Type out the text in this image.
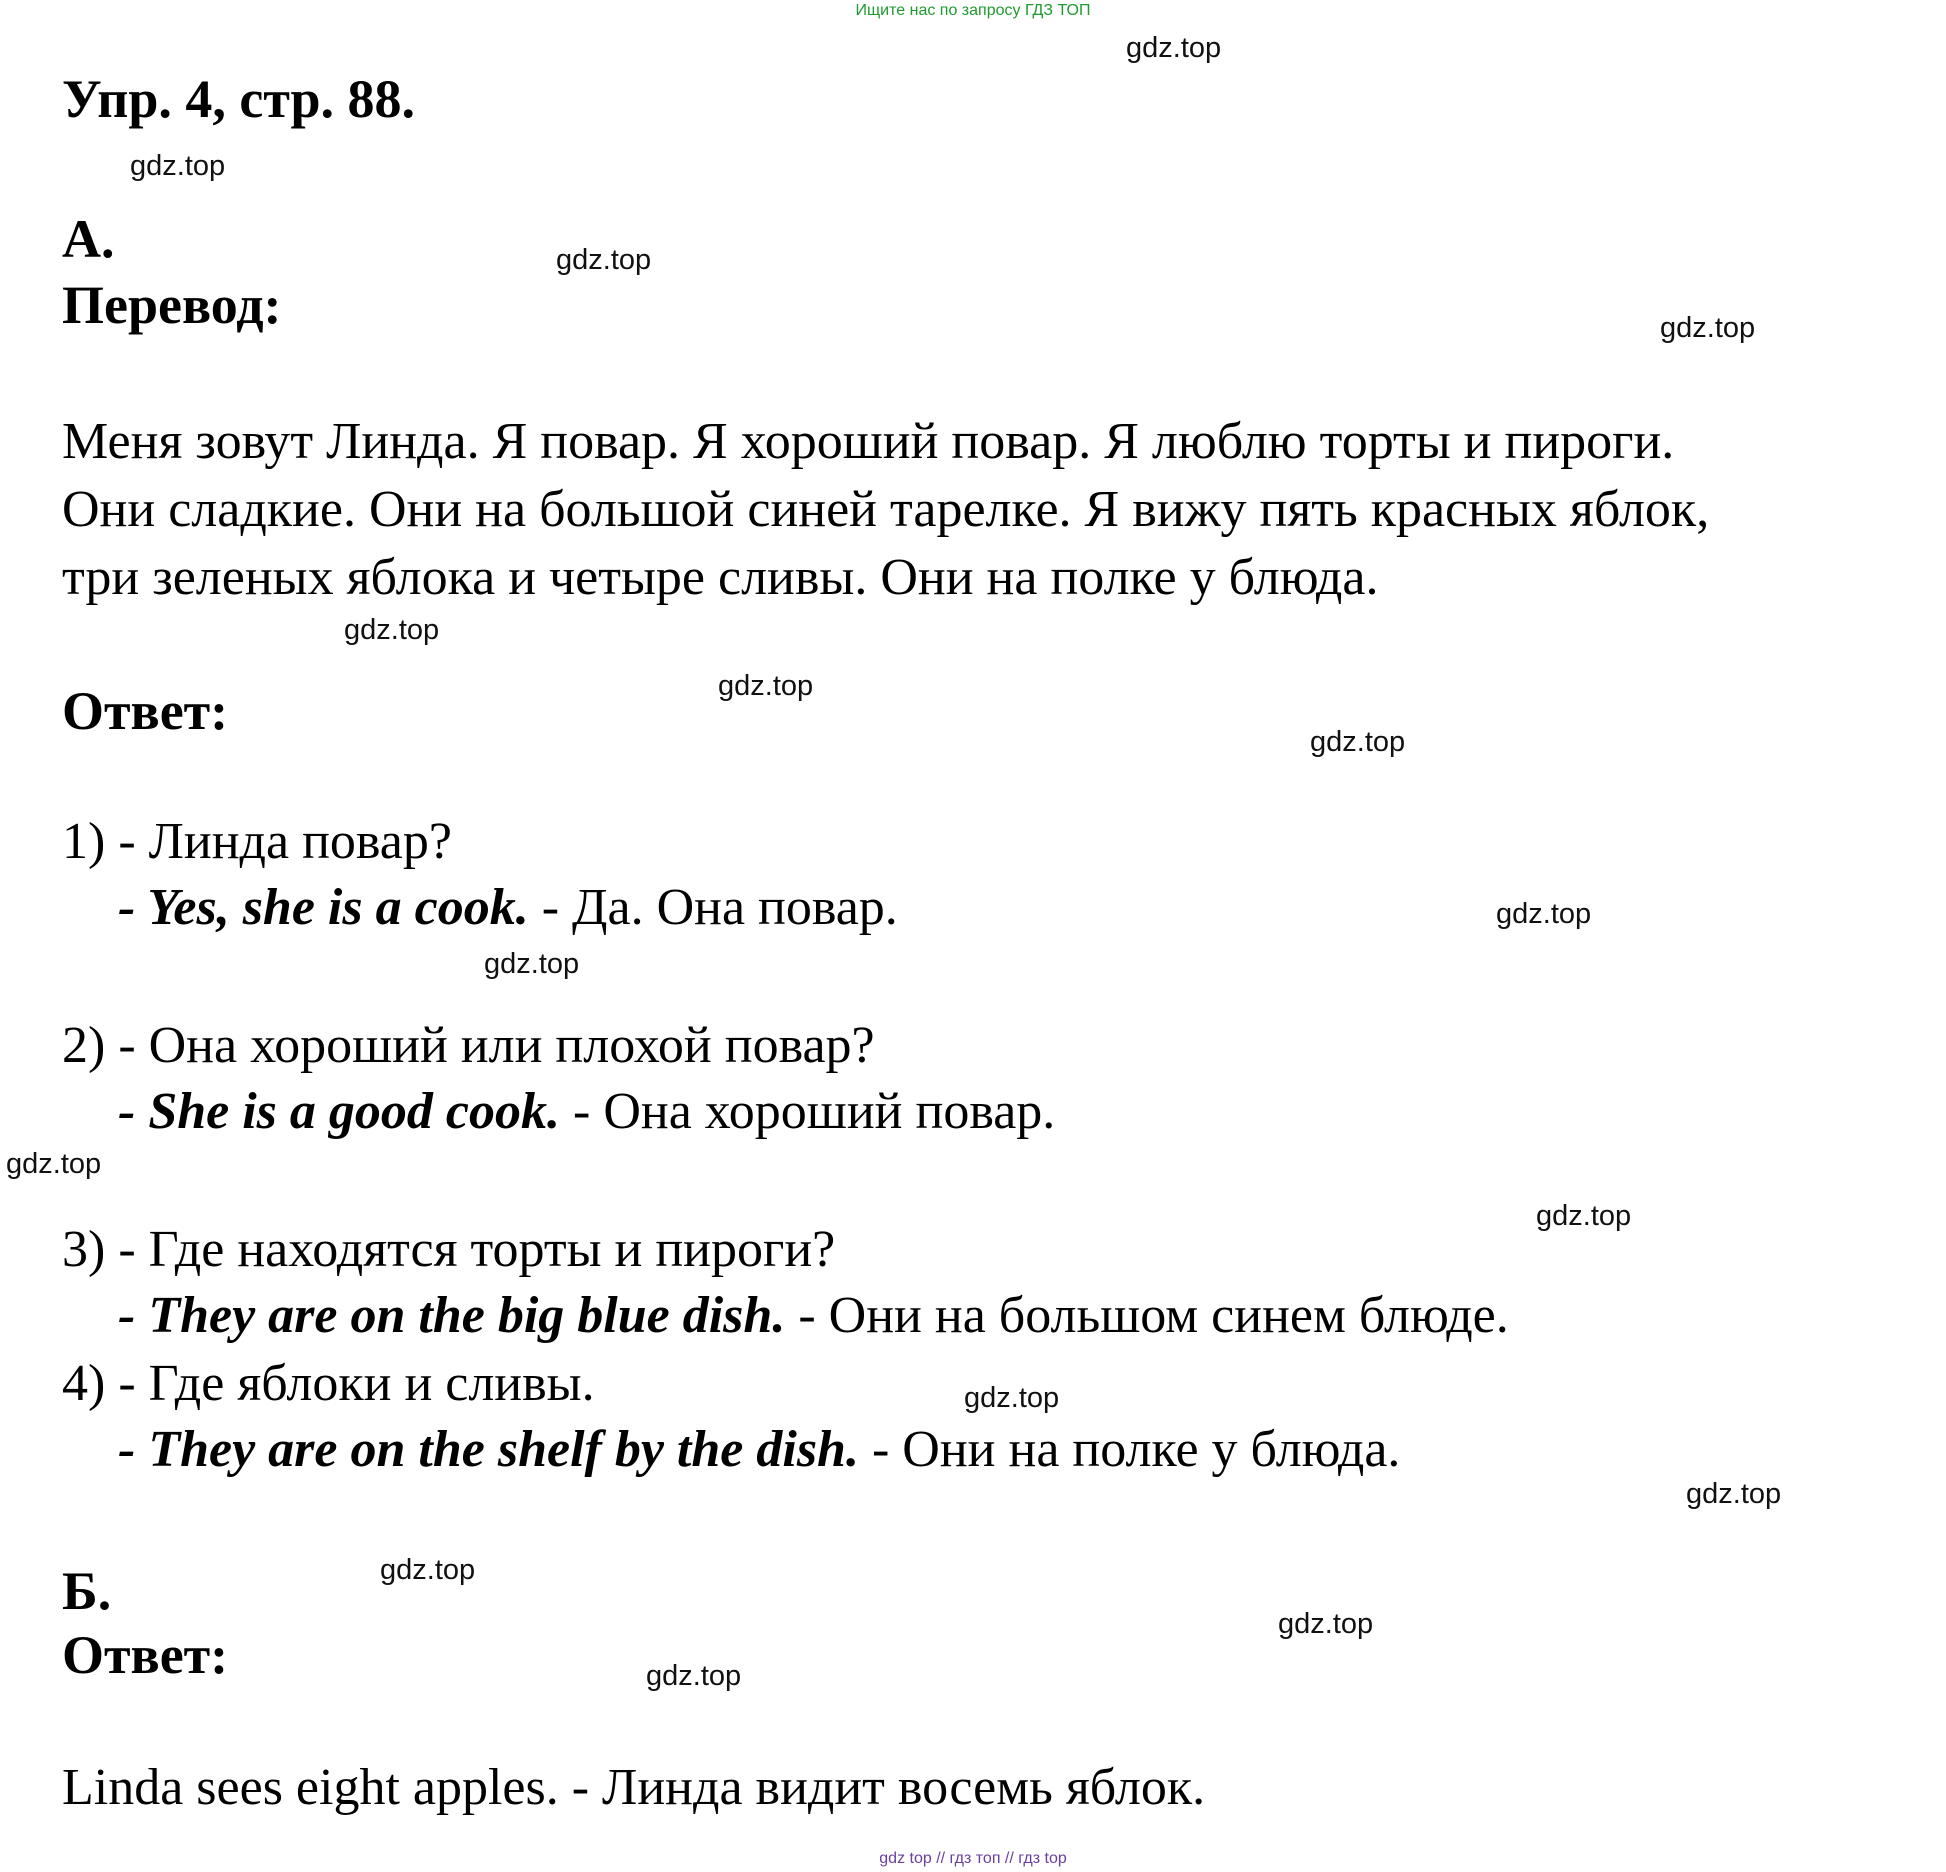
Ищите нас по запросу ГДЗ ТОП
Упр. 4, стр. 88.
А.
Перевод:
Меня зовут Линда. Я повар. Я хороший повар. Я люблю торты и пироги.
Они сладкие. Они на большой синей тарелке. Я вижу пять красных яблок,
три зеленых яблока и четыре сливы. Они на полке у блюда.
Ответ:
1) - Линда повар?
- Yes, she is a cook. - Да. Она повар.
2) - Она хороший или плохой повар?
- She is a good cook. - Она хороший повар.
3) - Где находятся торты и пироги?
- They are on the big blue dish. - Они на большом синем блюде.
4) - Где яблоки и сливы.
- They are on the shelf by the dish. - Они на полке у блюда.
Б.
Ответ:
Linda sees eight apples. - Линда видит восемь яблок.
gdz.top
gdz.top
gdz.top
gdz.top
gdz.top
gdz.top
gdz.top
gdz.top
gdz.top
gdz.top
gdz.top
gdz.top
gdz.top
gdz.top
gdz.top
gdz.top
gdz top // гдз топ // гдз top
